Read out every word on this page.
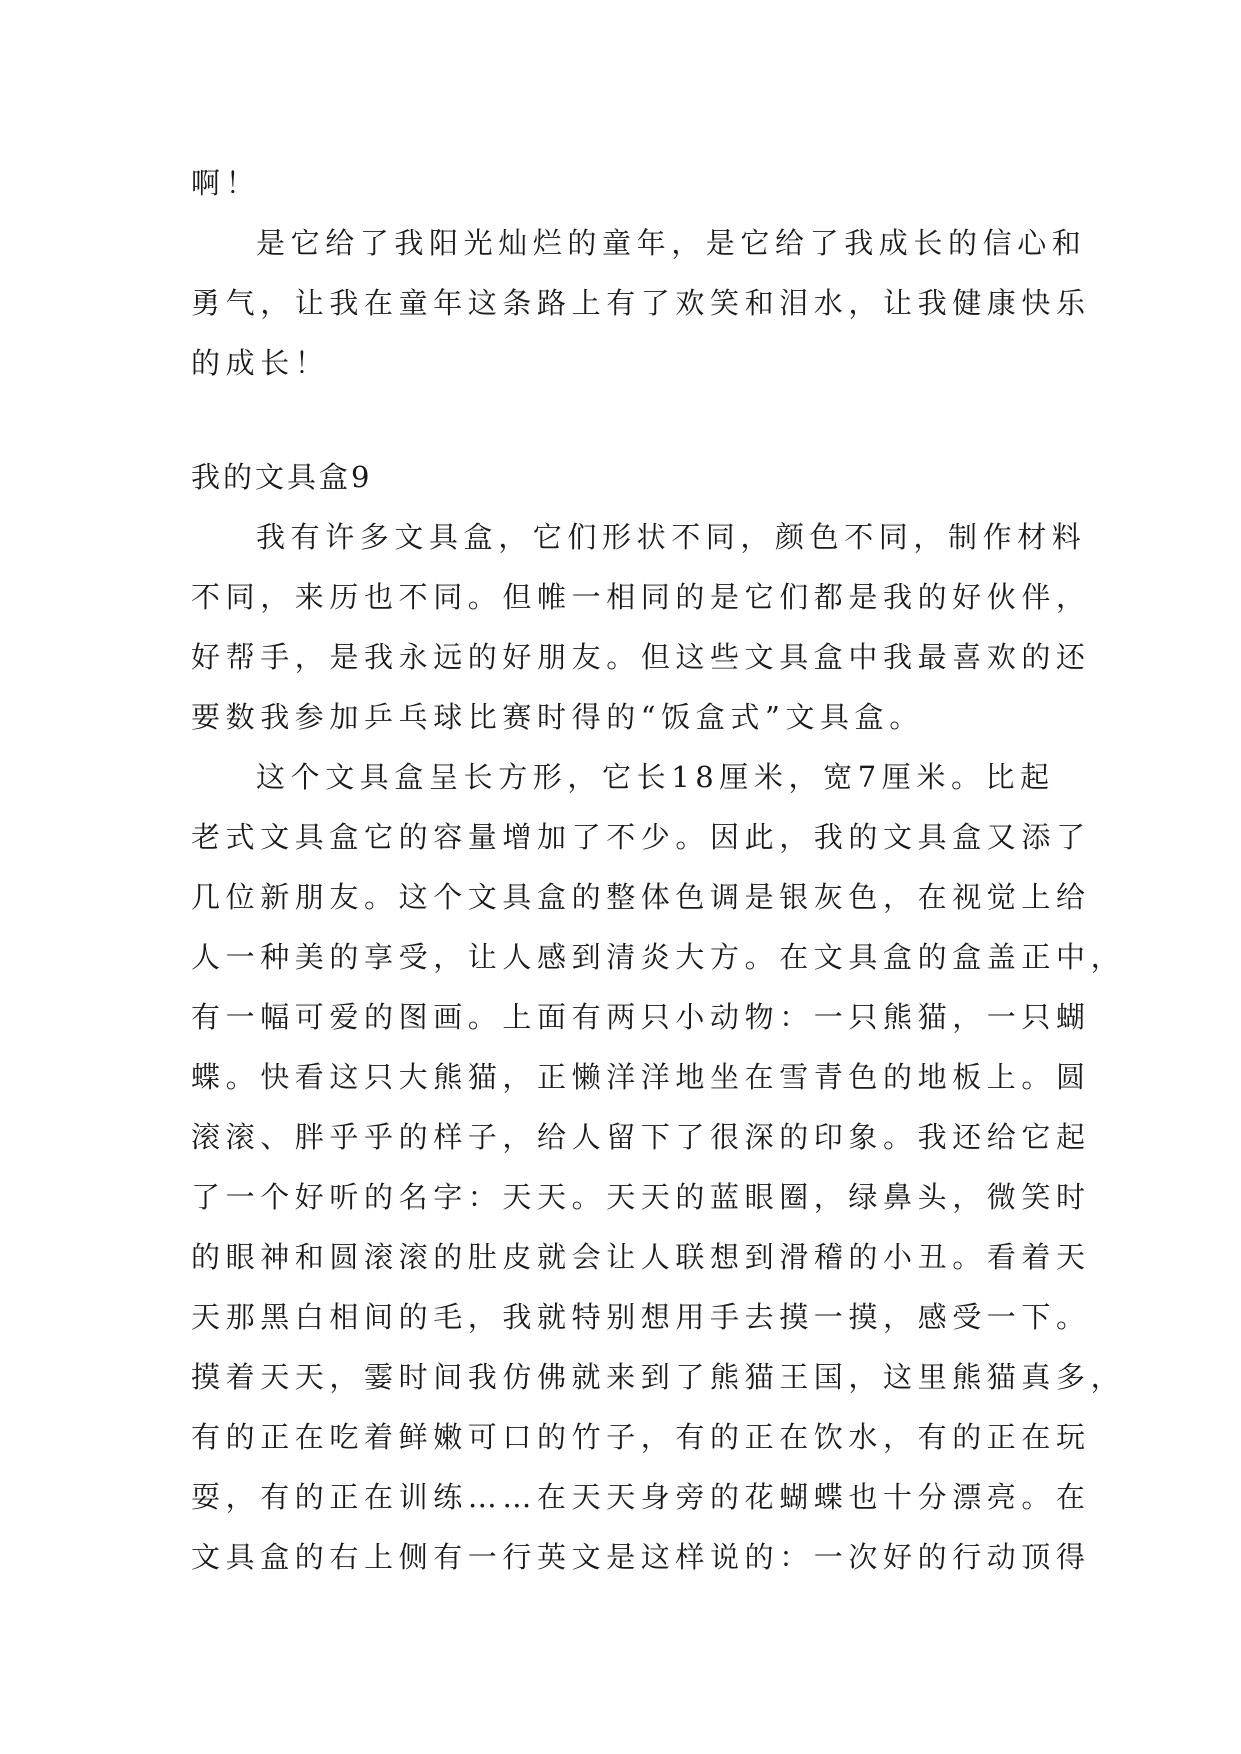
啊！
是它给了我阳光灿烂的童年，是它给了我成长的信心和
勇气，让我在童年这条路上有了欢笑和泪水，让我健康快乐
的成长！
我的文具盒9
我有许多文具盒，它们形状不同，颜色不同，制作材料
不同，来历也不同。但帷一相同的是它们都是我的好伙伴，
好帮手，是我永远的好朋友。但这些文具盒中我最喜欢的还
要数我参加乒乓球比赛时得的“饭盒式”文具盒。
这个文具盒呈长方形，它长18厘米，宽7厘米。比起
老式文具盒它的容量增加了不少。因此，我的文具盒又添了
几位新朋友。这个文具盒的整体色调是银灰色，在视觉上给
人一种美的享受，让人感到清炎大方。在文具盒的盒盖正中，
有一幅可爱的图画。上面有两只小动物：一只熊猫，一只蝴
蝶。快看这只大熊猫，正懒洋洋地坐在雪青色的地板上。圆
滚滚、胖乎乎的样子，给人留下了很深的印象。我还给它起
了一个好听的名字：天天。天天的蓝眼圈，绿鼻头，微笑时
的眼神和圆滚滚的肚皮就会让人联想到滑稽的小丑。看着天
天那黑白相间的毛，我就特别想用手去摸一摸，感受一下。
摸着天天，霎时间我仿佛就来到了熊猫王国，这里熊猫真多，
有的正在吃着鲜嫩可口的竹子，有的正在饮水，有的正在玩
耍，有的正在训练……在天天身旁的花蝴蝶也十分漂亮。在
文具盒的右上侧有一行英文是这样说的：一次好的行动顶得
